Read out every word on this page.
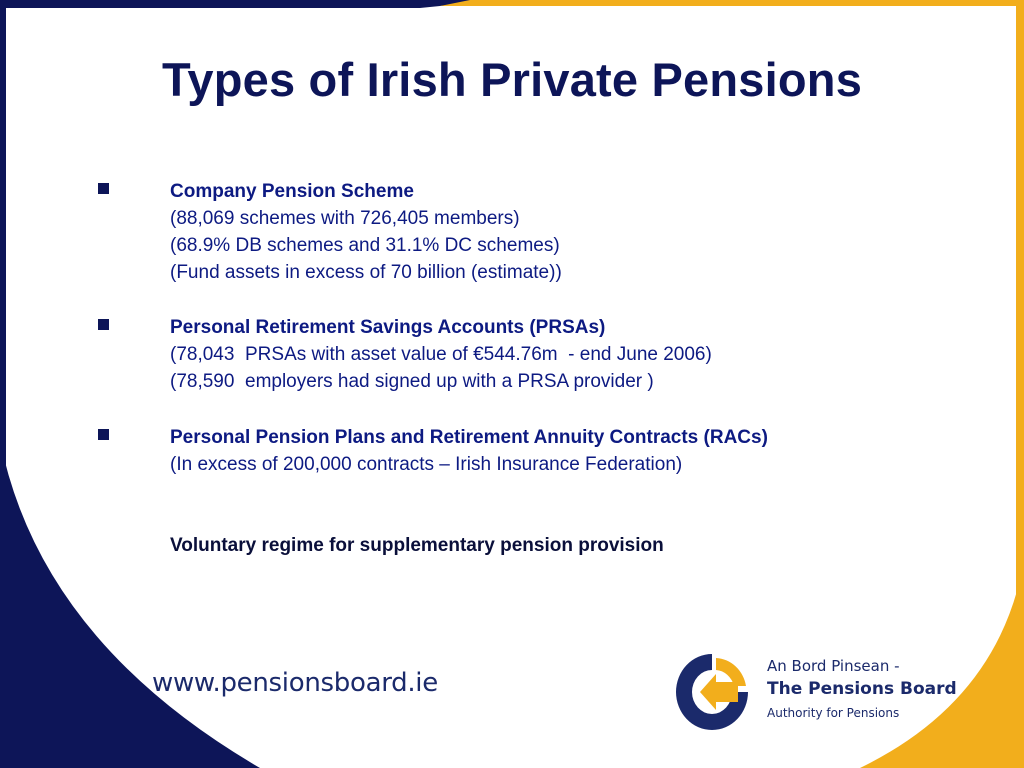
Types of Irish Private Pensions
Company Pension Scheme
(88,069 schemes with 726,405 members)
(68.9% DB schemes and 31.1% DC schemes)
(Fund assets in excess of 70 billion (estimate))
Personal Retirement Savings Accounts (PRSAs)
(78,043  PRSAs with asset value of €544.76m  - end June 2006)
(78,590  employers had signed up with a PRSA provider )
Personal Pension Plans and Retirement Annuity Contracts (RACs)
(In excess of 200,000 contracts – Irish Insurance Federation)
Voluntary regime for supplementary pension provision
www.pensionsboard.ie
An Bord Pinsean -
The Pensions Board
Authority for Pensions
